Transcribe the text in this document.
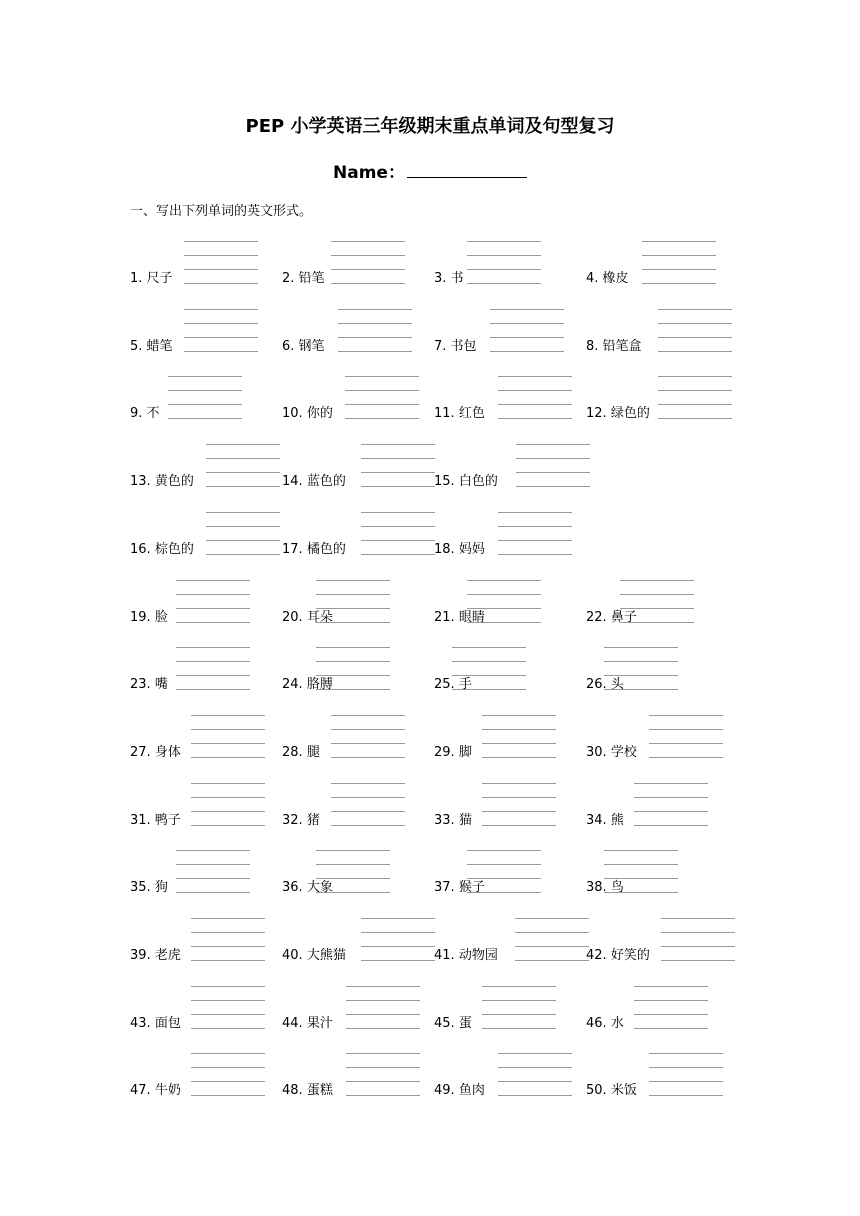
PEP 小学英语三年级期末重点单词及句型复习
Name：
一、写出下列单词的英文形式。
1. 尺子	2. 铅笔	3. 书	4. 橡皮
5. 蜡笔	6. 钢笔	7. 书包	8. 铅笔盒
9. 不	10. 你的	11. 红色	12. 绿色的
13. 黄色的	14. 蓝色的	15. 白色的
16. 棕色的	17. 橘色的	18. 妈妈
19. 脸	20. 耳朵	21. 眼睛	22. 鼻子
23. 嘴	24. 胳膊	25. 手	26. 头
27. 身体	28. 腿	29. 脚	30. 学校
31. 鸭子	32. 猪	33. 猫	34. 熊
35. 狗	36. 大象	37. 猴子	38. 鸟
39. 老虎	40. 大熊猫	41. 动物园	42. 好笑的
43. 面包	44. 果汁	45. 蛋	46. 水
47. 牛奶	48. 蛋糕	49. 鱼肉	50. 米饭
